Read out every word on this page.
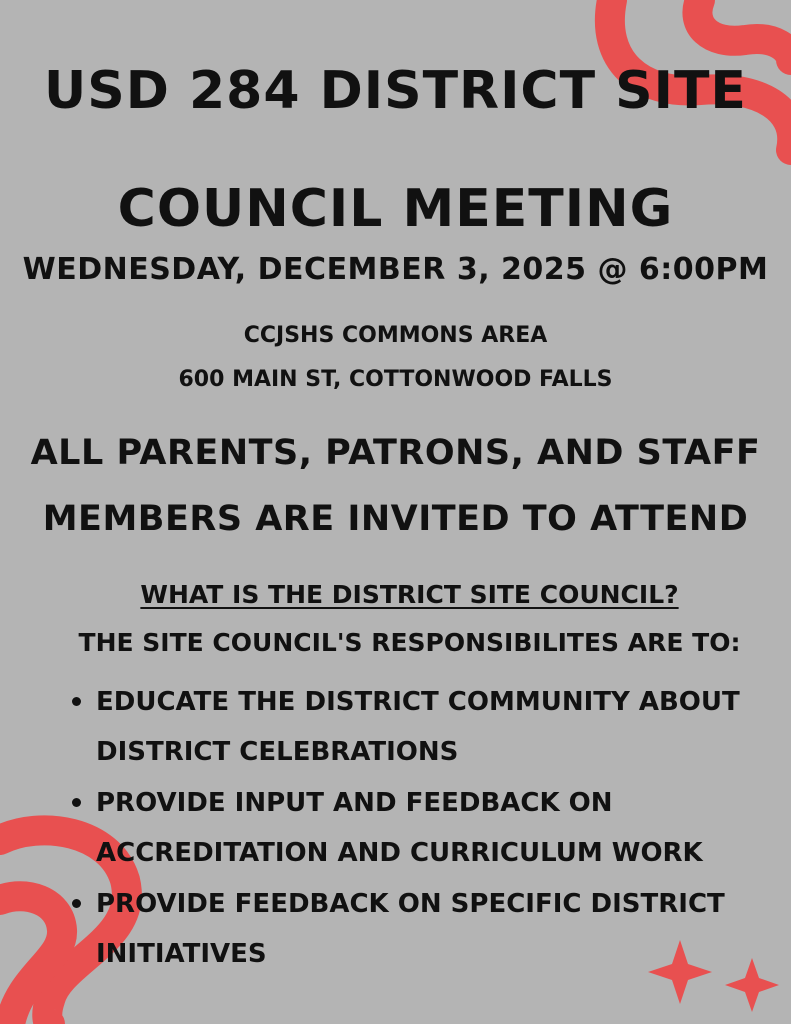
USD 284 DISTRICT SITE COUNCIL MEETING
WEDNESDAY, DECEMBER 3, 2025 @ 6:00PM
CCJSHS COMMONS AREA
600 MAIN ST, COTTONWOOD FALLS
ALL PARENTS, PATRONS, AND STAFF
MEMBERS ARE INVITED TO ATTEND
WHAT IS THE DISTRICT SITE COUNCIL?
THE SITE COUNCIL'S RESPONSIBILITES ARE TO:
• EDUCATE THE DISTRICT COMMUNITY ABOUT DISTRICT CELEBRATIONS
• PROVIDE INPUT AND FEEDBACK ON ACCREDITATION AND CURRICULUM WORK
• PROVIDE FEEDBACK ON SPECIFIC DISTRICT INITIATIVES
